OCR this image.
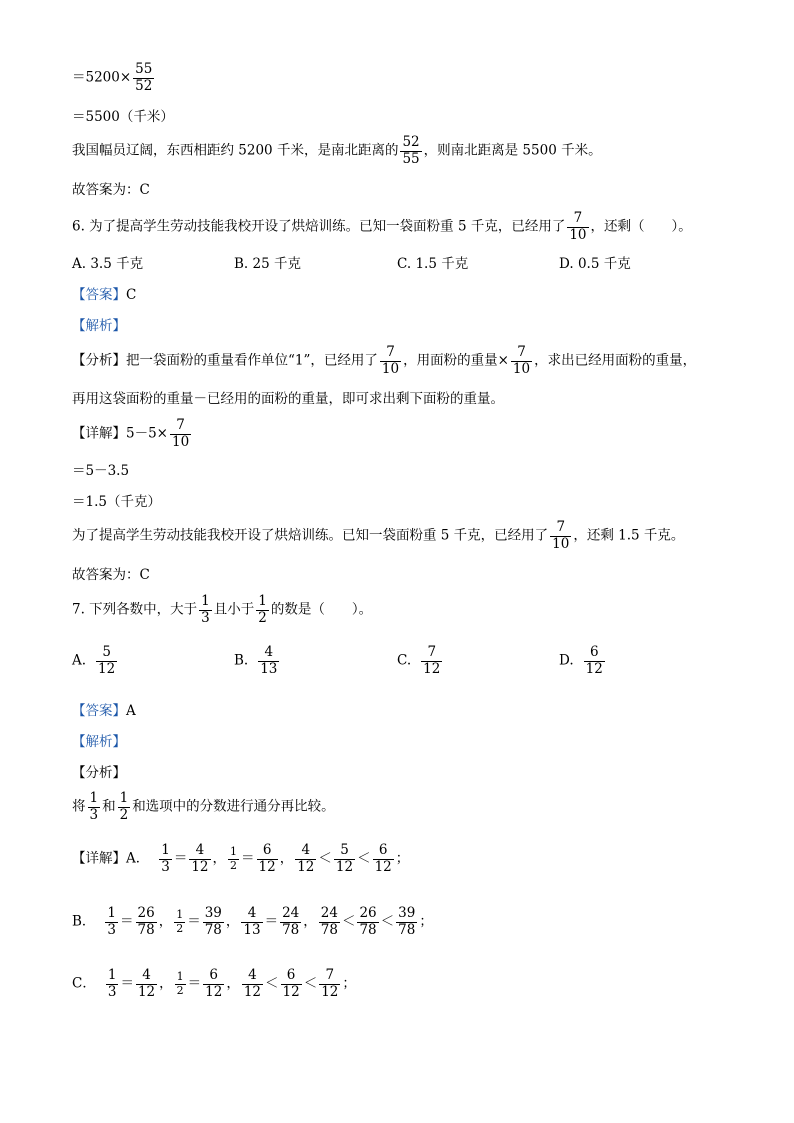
$=5200\times \frac{55}{52}$
＝5500（千米）
我国幅员辽阔，东西相距约 5200 千米，是南北距离的 $\frac{52}{55}$ ，则南北距离是 5500 千米。
故答案为：C
6. 为了提高学生劳动技能我校开设了烘焙训练。已知一袋面粉重 5 千克，已经用了 $\frac{7}{10}$ ，还剩（　　）。
A. 3.5 千克	B. 25 千克	C. 1.5 千克	D. 0.5 千克
【答案】C
【解析】
【分析】把一袋面粉的重量看作单位“1”，已经用了 $\frac{7}{10}$ ，用面粉的重量× $\frac{7}{10}$ ，求出已经用面粉的重量，
再用这袋面粉的重量－已经用的面粉的重量，即可求出剩下面粉的重量。
【详解】$5-5\times \frac{7}{10}$
＝5－3.5
＝1.5（千克）
为了提高学生劳动技能我校开设了烘焙训练。已知一袋面粉重 5 千克，已经用了 $\frac{7}{10}$ ，还剩 1.5 千克。
故答案为：C
7. 下列各数中，大于 $\frac{1}{3}$ 且小于 $\frac{1}{2}$ 的数是（　　）。
A. $\frac{5}{12}$	B. $\frac{4}{13}$	C. $\frac{7}{12}$	D. $\frac{6}{12}$
【答案】A
【解析】
【分析】
将 $\frac{1}{3}$ 和 $\frac{1}{2}$ 和选项中的分数进行通分再比较。
【详解】A． $\frac{1}{3} = \frac{4}{12}$ ， $\frac{1}{2} = \frac{6}{12}$ ， $\frac{4}{12} < \frac{5}{12} < \frac{6}{12}$ ；
B． $\frac{1}{3} = \frac{26}{78}$ ， $\frac{1}{2} = \frac{39}{78}$ ， $\frac{4}{13} = \frac{24}{78}$ ， $\frac{24}{78} < \frac{26}{78} < \frac{39}{78}$ ；
C． $\frac{1}{3} = \frac{4}{12}$ ， $\frac{1}{2} = \frac{6}{12}$ ， $\frac{4}{12} < \frac{6}{12} < \frac{7}{12}$ ；
